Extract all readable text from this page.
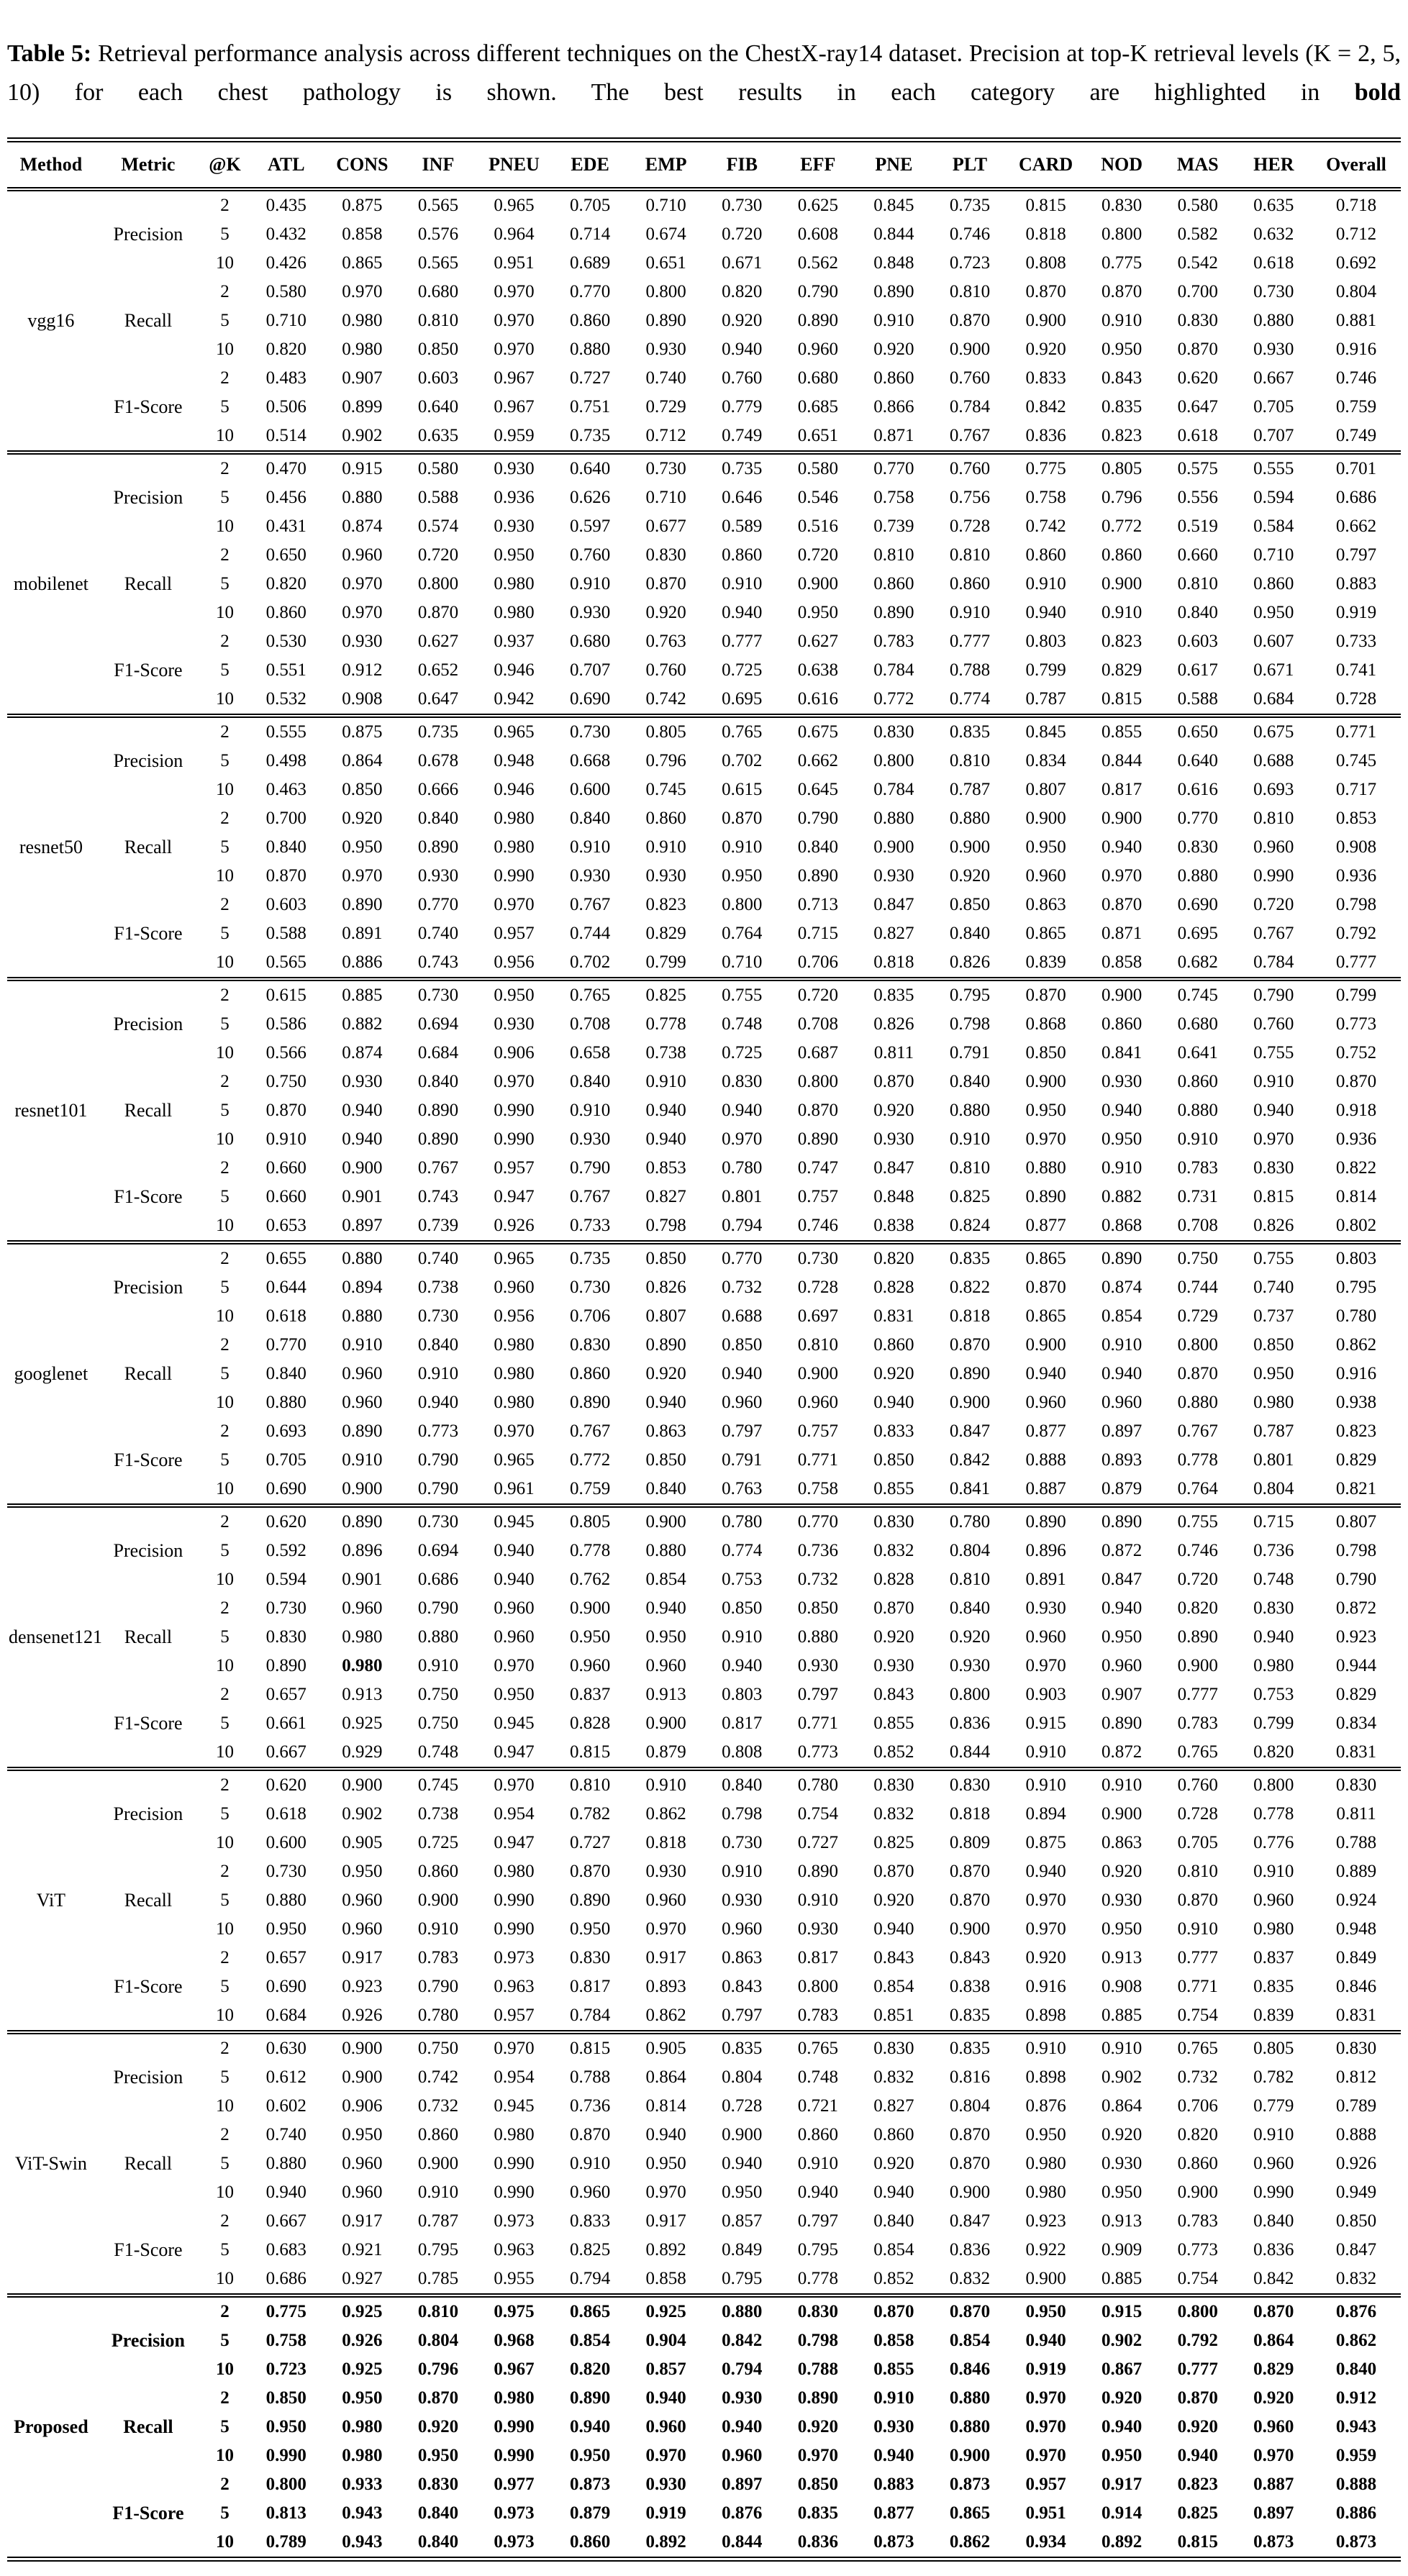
Table 5: Retrieval performance analysis across different techniques on the ChestX-ray14 dataset. Precision at top-K retrieval levels (K = 2, 5, 10) for each chest pathology is shown. The best results in each category are highlighted in bold

Method	Metric	@K	ATL	CONS	INF	PNEU	EDE	EMP	FIB	EFF	PNE	PLT	CARD	NOD	MAS	HER	Overall
vgg16	Precision	2	0.435	0.875	0.565	0.965	0.705	0.710	0.730	0.625	0.845	0.735	0.815	0.830	0.580	0.635	0.718
		5	0.432	0.858	0.576	0.964	0.714	0.674	0.720	0.608	0.844	0.746	0.818	0.800	0.582	0.632	0.712
		10	0.426	0.865	0.565	0.951	0.689	0.651	0.671	0.562	0.848	0.723	0.808	0.775	0.542	0.618	0.692
	Recall	2	0.580	0.970	0.680	0.970	0.770	0.800	0.820	0.790	0.890	0.810	0.870	0.870	0.700	0.730	0.804
		5	0.710	0.980	0.810	0.970	0.860	0.890	0.920	0.890	0.910	0.870	0.900	0.910	0.830	0.880	0.881
		10	0.820	0.980	0.850	0.970	0.880	0.930	0.940	0.960	0.920	0.900	0.920	0.950	0.870	0.930	0.916
	F1-Score	2	0.483	0.907	0.603	0.967	0.727	0.740	0.760	0.680	0.860	0.760	0.833	0.843	0.620	0.667	0.746
		5	0.506	0.899	0.640	0.967	0.751	0.729	0.779	0.685	0.866	0.784	0.842	0.835	0.647	0.705	0.759
		10	0.514	0.902	0.635	0.959	0.735	0.712	0.749	0.651	0.871	0.767	0.836	0.823	0.618	0.707	0.749
mobilenet	Precision	2	0.470	0.915	0.580	0.930	0.640	0.730	0.735	0.580	0.770	0.760	0.775	0.805	0.575	0.555	0.701
		5	0.456	0.880	0.588	0.936	0.626	0.710	0.646	0.546	0.758	0.756	0.758	0.796	0.556	0.594	0.686
		10	0.431	0.874	0.574	0.930	0.597	0.677	0.589	0.516	0.739	0.728	0.742	0.772	0.519	0.584	0.662
	Recall	2	0.650	0.960	0.720	0.950	0.760	0.830	0.860	0.720	0.810	0.810	0.860	0.860	0.660	0.710	0.797
		5	0.820	0.970	0.800	0.980	0.910	0.870	0.910	0.900	0.860	0.860	0.910	0.900	0.810	0.860	0.883
		10	0.860	0.970	0.870	0.980	0.930	0.920	0.940	0.950	0.890	0.910	0.940	0.910	0.840	0.950	0.919
	F1-Score	2	0.530	0.930	0.627	0.937	0.680	0.763	0.777	0.627	0.783	0.777	0.803	0.823	0.603	0.607	0.733
		5	0.551	0.912	0.652	0.946	0.707	0.760	0.725	0.638	0.784	0.788	0.799	0.829	0.617	0.671	0.741
		10	0.532	0.908	0.647	0.942	0.690	0.742	0.695	0.616	0.772	0.774	0.787	0.815	0.588	0.684	0.728
resnet50	Precision	2	0.555	0.875	0.735	0.965	0.730	0.805	0.765	0.675	0.830	0.835	0.845	0.855	0.650	0.675	0.771
		5	0.498	0.864	0.678	0.948	0.668	0.796	0.702	0.662	0.800	0.810	0.834	0.844	0.640	0.688	0.745
		10	0.463	0.850	0.666	0.946	0.600	0.745	0.615	0.645	0.784	0.787	0.807	0.817	0.616	0.693	0.717
	Recall	2	0.700	0.920	0.840	0.980	0.840	0.860	0.870	0.790	0.880	0.880	0.900	0.900	0.770	0.810	0.853
		5	0.840	0.950	0.890	0.980	0.910	0.910	0.910	0.840	0.900	0.900	0.950	0.940	0.830	0.960	0.908
		10	0.870	0.970	0.930	0.990	0.930	0.930	0.950	0.890	0.930	0.920	0.960	0.970	0.880	0.990	0.936
	F1-Score	2	0.603	0.890	0.770	0.970	0.767	0.823	0.800	0.713	0.847	0.850	0.863	0.870	0.690	0.720	0.798
		5	0.588	0.891	0.740	0.957	0.744	0.829	0.764	0.715	0.827	0.840	0.865	0.871	0.695	0.767	0.792
		10	0.565	0.886	0.743	0.956	0.702	0.799	0.710	0.706	0.818	0.826	0.839	0.858	0.682	0.784	0.777
resnet101	Precision	2	0.615	0.885	0.730	0.950	0.765	0.825	0.755	0.720	0.835	0.795	0.870	0.900	0.745	0.790	0.799
		5	0.586	0.882	0.694	0.930	0.708	0.778	0.748	0.708	0.826	0.798	0.868	0.860	0.680	0.760	0.773
		10	0.566	0.874	0.684	0.906	0.658	0.738	0.725	0.687	0.811	0.791	0.850	0.841	0.641	0.755	0.752
	Recall	2	0.750	0.930	0.840	0.970	0.840	0.910	0.830	0.800	0.870	0.840	0.900	0.930	0.860	0.910	0.870
		5	0.870	0.940	0.890	0.990	0.910	0.940	0.940	0.870	0.920	0.880	0.950	0.940	0.880	0.940	0.918
		10	0.910	0.940	0.890	0.990	0.930	0.940	0.970	0.890	0.930	0.910	0.970	0.950	0.910	0.970	0.936
	F1-Score	2	0.660	0.900	0.767	0.957	0.790	0.853	0.780	0.747	0.847	0.810	0.880	0.910	0.783	0.830	0.822
		5	0.660	0.901	0.743	0.947	0.767	0.827	0.801	0.757	0.848	0.825	0.890	0.882	0.731	0.815	0.814
		10	0.653	0.897	0.739	0.926	0.733	0.798	0.794	0.746	0.838	0.824	0.877	0.868	0.708	0.826	0.802
googlenet	Precision	2	0.655	0.880	0.740	0.965	0.735	0.850	0.770	0.730	0.820	0.835	0.865	0.890	0.750	0.755	0.803
		5	0.644	0.894	0.738	0.960	0.730	0.826	0.732	0.728	0.828	0.822	0.870	0.874	0.744	0.740	0.795
		10	0.618	0.880	0.730	0.956	0.706	0.807	0.688	0.697	0.831	0.818	0.865	0.854	0.729	0.737	0.780
	Recall	2	0.770	0.910	0.840	0.980	0.830	0.890	0.850	0.810	0.860	0.870	0.900	0.910	0.800	0.850	0.862
		5	0.840	0.960	0.910	0.980	0.860	0.920	0.940	0.900	0.920	0.890	0.940	0.940	0.870	0.950	0.916
		10	0.880	0.960	0.940	0.980	0.890	0.940	0.960	0.960	0.940	0.900	0.960	0.960	0.880	0.980	0.938
	F1-Score	2	0.693	0.890	0.773	0.970	0.767	0.863	0.797	0.757	0.833	0.847	0.877	0.897	0.767	0.787	0.823
		5	0.705	0.910	0.790	0.965	0.772	0.850	0.791	0.771	0.850	0.842	0.888	0.893	0.778	0.801	0.829
		10	0.690	0.900	0.790	0.961	0.759	0.840	0.763	0.758	0.855	0.841	0.887	0.879	0.764	0.804	0.821
densenet121	Precision	2	0.620	0.890	0.730	0.945	0.805	0.900	0.780	0.770	0.830	0.780	0.890	0.890	0.755	0.715	0.807
		5	0.592	0.896	0.694	0.940	0.778	0.880	0.774	0.736	0.832	0.804	0.896	0.872	0.746	0.736	0.798
		10	0.594	0.901	0.686	0.940	0.762	0.854	0.753	0.732	0.828	0.810	0.891	0.847	0.720	0.748	0.790
	Recall	2	0.730	0.960	0.790	0.960	0.900	0.940	0.850	0.850	0.870	0.840	0.930	0.940	0.820	0.830	0.872
		5	0.830	0.980	0.880	0.960	0.950	0.950	0.910	0.880	0.920	0.920	0.960	0.950	0.890	0.940	0.923
		10	0.890	0.980	0.910	0.970	0.960	0.960	0.940	0.930	0.930	0.930	0.970	0.960	0.900	0.980	0.944
	F1-Score	2	0.657	0.913	0.750	0.950	0.837	0.913	0.803	0.797	0.843	0.800	0.903	0.907	0.777	0.753	0.829
		5	0.661	0.925	0.750	0.945	0.828	0.900	0.817	0.771	0.855	0.836	0.915	0.890	0.783	0.799	0.834
		10	0.667	0.929	0.748	0.947	0.815	0.879	0.808	0.773	0.852	0.844	0.910	0.872	0.765	0.820	0.831
ViT	Precision	2	0.620	0.900	0.745	0.970	0.810	0.910	0.840	0.780	0.830	0.830	0.910	0.910	0.760	0.800	0.830
		5	0.618	0.902	0.738	0.954	0.782	0.862	0.798	0.754	0.832	0.818	0.894	0.900	0.728	0.778	0.811
		10	0.600	0.905	0.725	0.947	0.727	0.818	0.730	0.727	0.825	0.809	0.875	0.863	0.705	0.776	0.788
	Recall	2	0.730	0.950	0.860	0.980	0.870	0.930	0.910	0.890	0.870	0.870	0.940	0.920	0.810	0.910	0.889
		5	0.880	0.960	0.900	0.990	0.890	0.960	0.930	0.910	0.920	0.870	0.970	0.930	0.870	0.960	0.924
		10	0.950	0.960	0.910	0.990	0.950	0.970	0.960	0.930	0.940	0.900	0.970	0.950	0.910	0.980	0.948
	F1-Score	2	0.657	0.917	0.783	0.973	0.830	0.917	0.863	0.817	0.843	0.843	0.920	0.913	0.777	0.837	0.849
		5	0.690	0.923	0.790	0.963	0.817	0.893	0.843	0.800	0.854	0.838	0.916	0.908	0.771	0.835	0.846
		10	0.684	0.926	0.780	0.957	0.784	0.862	0.797	0.783	0.851	0.835	0.898	0.885	0.754	0.839	0.831
ViT-Swin	Precision	2	0.630	0.900	0.750	0.970	0.815	0.905	0.835	0.765	0.830	0.835	0.910	0.910	0.765	0.805	0.830
		5	0.612	0.900	0.742	0.954	0.788	0.864	0.804	0.748	0.832	0.816	0.898	0.902	0.732	0.782	0.812
		10	0.602	0.906	0.732	0.945	0.736	0.814	0.728	0.721	0.827	0.804	0.876	0.864	0.706	0.779	0.789
	Recall	2	0.740	0.950	0.860	0.980	0.870	0.940	0.900	0.860	0.860	0.870	0.950	0.920	0.820	0.910	0.888
		5	0.880	0.960	0.900	0.990	0.910	0.950	0.940	0.910	0.920	0.870	0.980	0.930	0.860	0.960	0.926
		10	0.940	0.960	0.910	0.990	0.960	0.970	0.950	0.940	0.940	0.900	0.980	0.950	0.900	0.990	0.949
	F1-Score	2	0.667	0.917	0.787	0.973	0.833	0.917	0.857	0.797	0.840	0.847	0.923	0.913	0.783	0.840	0.850
		5	0.683	0.921	0.795	0.963	0.825	0.892	0.849	0.795	0.854	0.836	0.922	0.909	0.773	0.836	0.847
		10	0.686	0.927	0.785	0.955	0.794	0.858	0.795	0.778	0.852	0.832	0.900	0.885	0.754	0.842	0.832
Proposed	Precision	2	0.775	0.925	0.810	0.975	0.865	0.925	0.880	0.830	0.870	0.870	0.950	0.915	0.800	0.870	0.876
		5	0.758	0.926	0.804	0.968	0.854	0.904	0.842	0.798	0.858	0.854	0.940	0.902	0.792	0.864	0.862
		10	0.723	0.925	0.796	0.967	0.820	0.857	0.794	0.788	0.855	0.846	0.919	0.867	0.777	0.829	0.840
	Recall	2	0.850	0.950	0.870	0.980	0.890	0.940	0.930	0.890	0.910	0.880	0.970	0.920	0.870	0.920	0.912
		5	0.950	0.980	0.920	0.990	0.940	0.960	0.940	0.920	0.930	0.880	0.970	0.940	0.920	0.960	0.943
		10	0.990	0.980	0.950	0.990	0.950	0.970	0.960	0.970	0.940	0.900	0.970	0.950	0.940	0.970	0.959
	F1-Score	2	0.800	0.933	0.830	0.977	0.873	0.930	0.897	0.850	0.883	0.873	0.957	0.917	0.823	0.887	0.888
		5	0.813	0.943	0.840	0.973	0.879	0.919	0.876	0.835	0.877	0.865	0.951	0.914	0.825	0.897	0.886
		10	0.789	0.943	0.840	0.973	0.860	0.892	0.844	0.836	0.873	0.862	0.934	0.892	0.815	0.873	0.873
